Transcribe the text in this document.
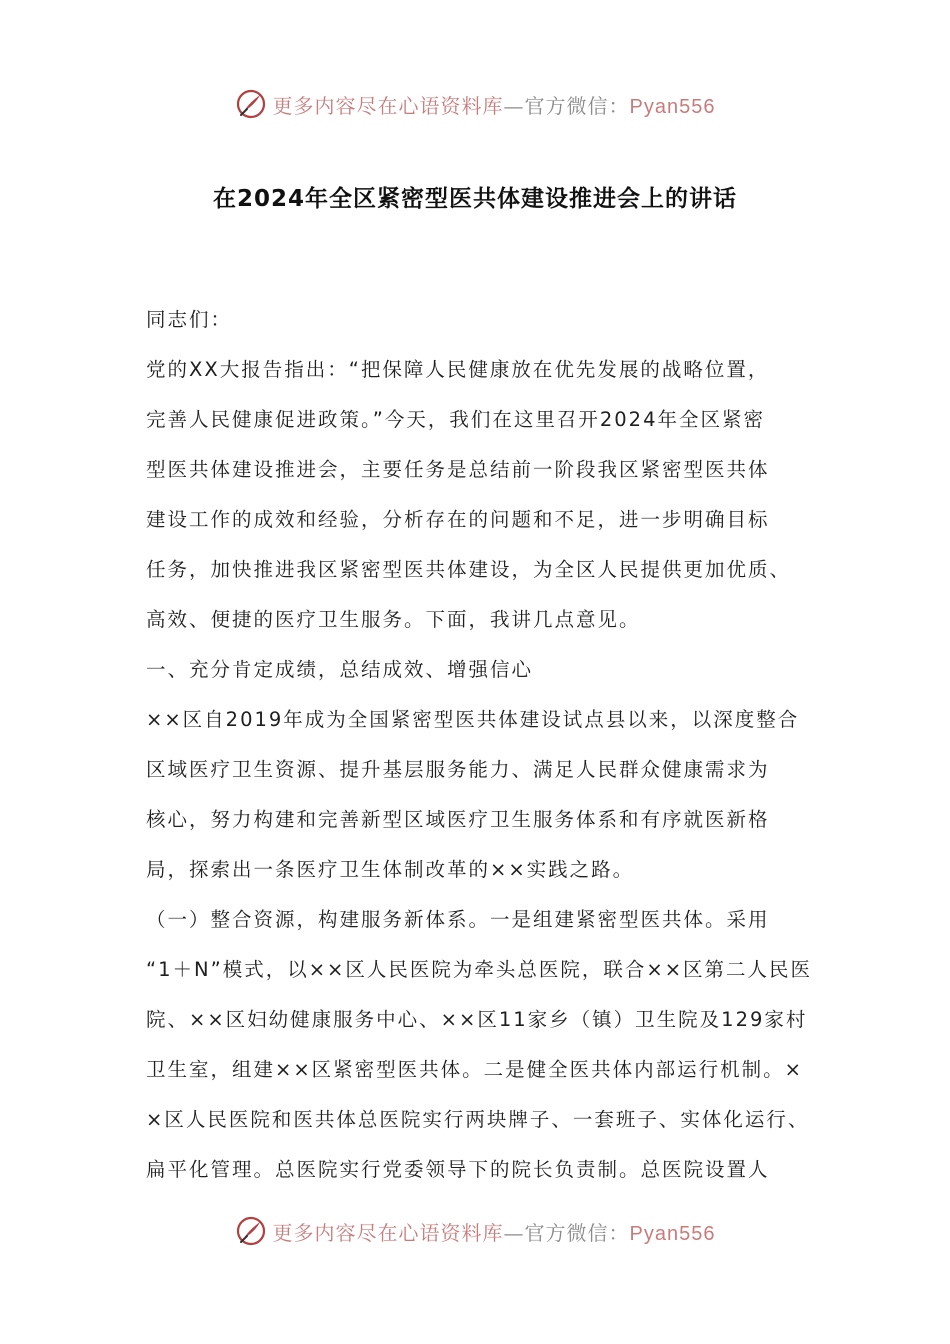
更多内容尽在心语资料库—官方微信：Pyan556
在2024年全区紧密型医共体建设推进会上的讲话
同志们：
党的XX大报告指出：“把保障人民健康放在优先发展的战略位置，
完善人民健康促进政策。”今天，我们在这里召开2024年全区紧密
型医共体建设推进会，主要任务是总结前一阶段我区紧密型医共体
建设工作的成效和经验，分析存在的问题和不足，进一步明确目标
任务，加快推进我区紧密型医共体建设，为全区人民提供更加优质、
高效、便捷的医疗卫生服务。下面，我讲几点意见。
一、充分肯定成绩，总结成效、增强信心
××区自2019年成为全国紧密型医共体建设试点县以来，以深度整合
区域医疗卫生资源、提升基层服务能力、满足人民群众健康需求为
核心，努力构建和完善新型区域医疗卫生服务体系和有序就医新格
局，探索出一条医疗卫生体制改革的××实践之路。
（一）整合资源，构建服务新体系。一是组建紧密型医共体。采用
“1＋N”模式，以××区人民医院为牵头总医院，联合××区第二人民医
院、××区妇幼健康服务中心、××区11家乡（镇）卫生院及129家村
卫生室，组建××区紧密型医共体。二是健全医共体内部运行机制。×
×区人民医院和医共体总医院实行两块牌子、一套班子、实体化运行、
扁平化管理。总医院实行党委领导下的院长负责制。总医院设置人
更多内容尽在心语资料库—官方微信：Pyan556
